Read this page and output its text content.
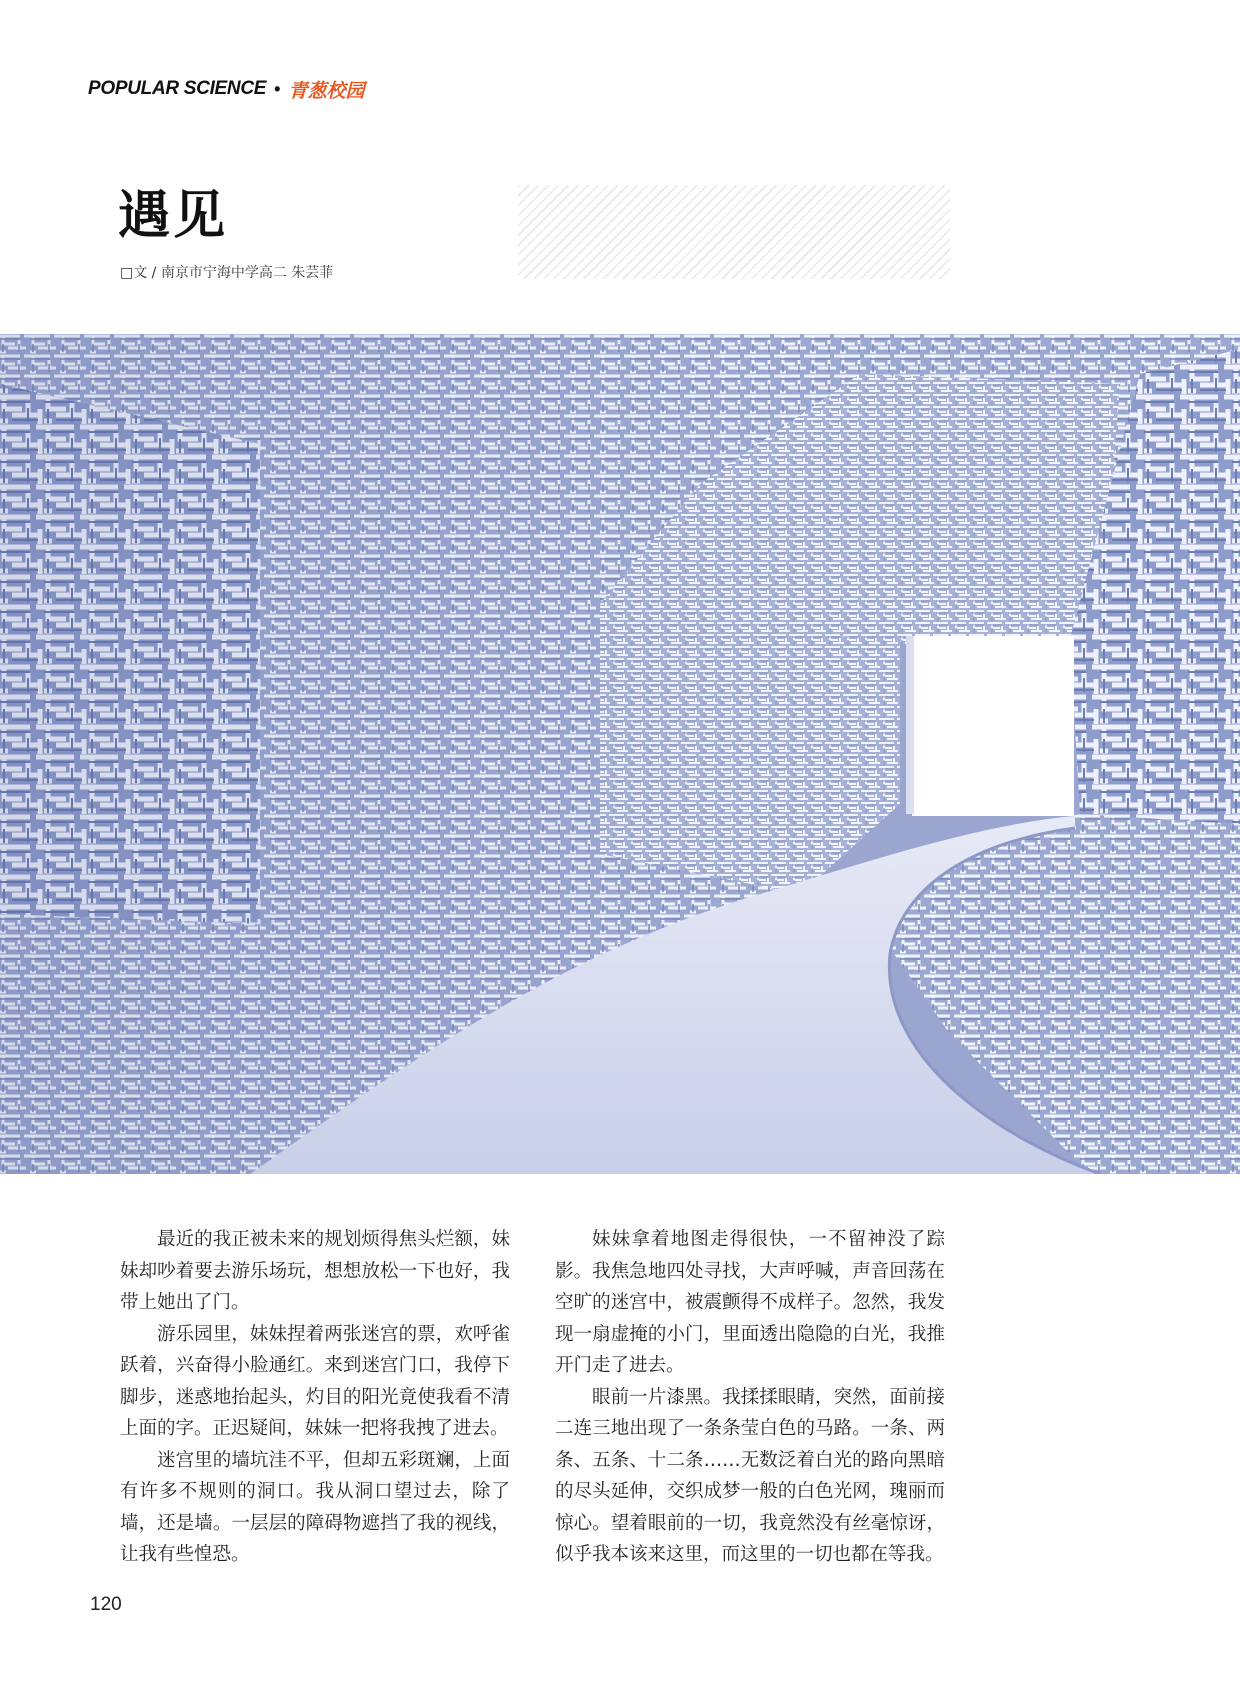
POPULAR SCIENCE • 青葱校园
遇见
□文 / 南京市宁海中学高二 朱芸菲

最近的我正被未来的规划烦得焦头烂额，妹妹却吵着要去游乐场玩，想想放松一下也好，我带上她出了门。

游乐园里，妹妹捏着两张迷宫的票，欢呼雀跃着，兴奋得小脸通红。来到迷宫门口，我停下脚步，迷惑地抬起头，灼目的阳光竟使我看不清上面的字。正迟疑间，妹妹一把将我拽了进去。

迷宫里的墙坑洼不平，但却五彩斑斓，上面有许多不规则的洞口。我从洞口望过去，除了墙，还是墙。一层层的障碍物遮挡了我的视线，让我有些惶恐。

妹妹拿着地图走得很快，一不留神没了踪影。我焦急地四处寻找，大声呼喊，声音回荡在空旷的迷宫中，被震颤得不成样子。忽然，我发现一扇虚掩的小门，里面透出隐隐的白光，我推开门走了进去。

眼前一片漆黑。我揉揉眼睛，突然，面前接二连三地出现了一条条莹白色的马路。一条、两条、五条、十二条……无数泛着白光的路向黑暗的尽头延伸，交织成梦一般的白色光网，瑰丽而惊心。望着眼前的一切，我竟然没有丝毫惊讶，似乎我本该来这里，而这里的一切也都在等我。

120
